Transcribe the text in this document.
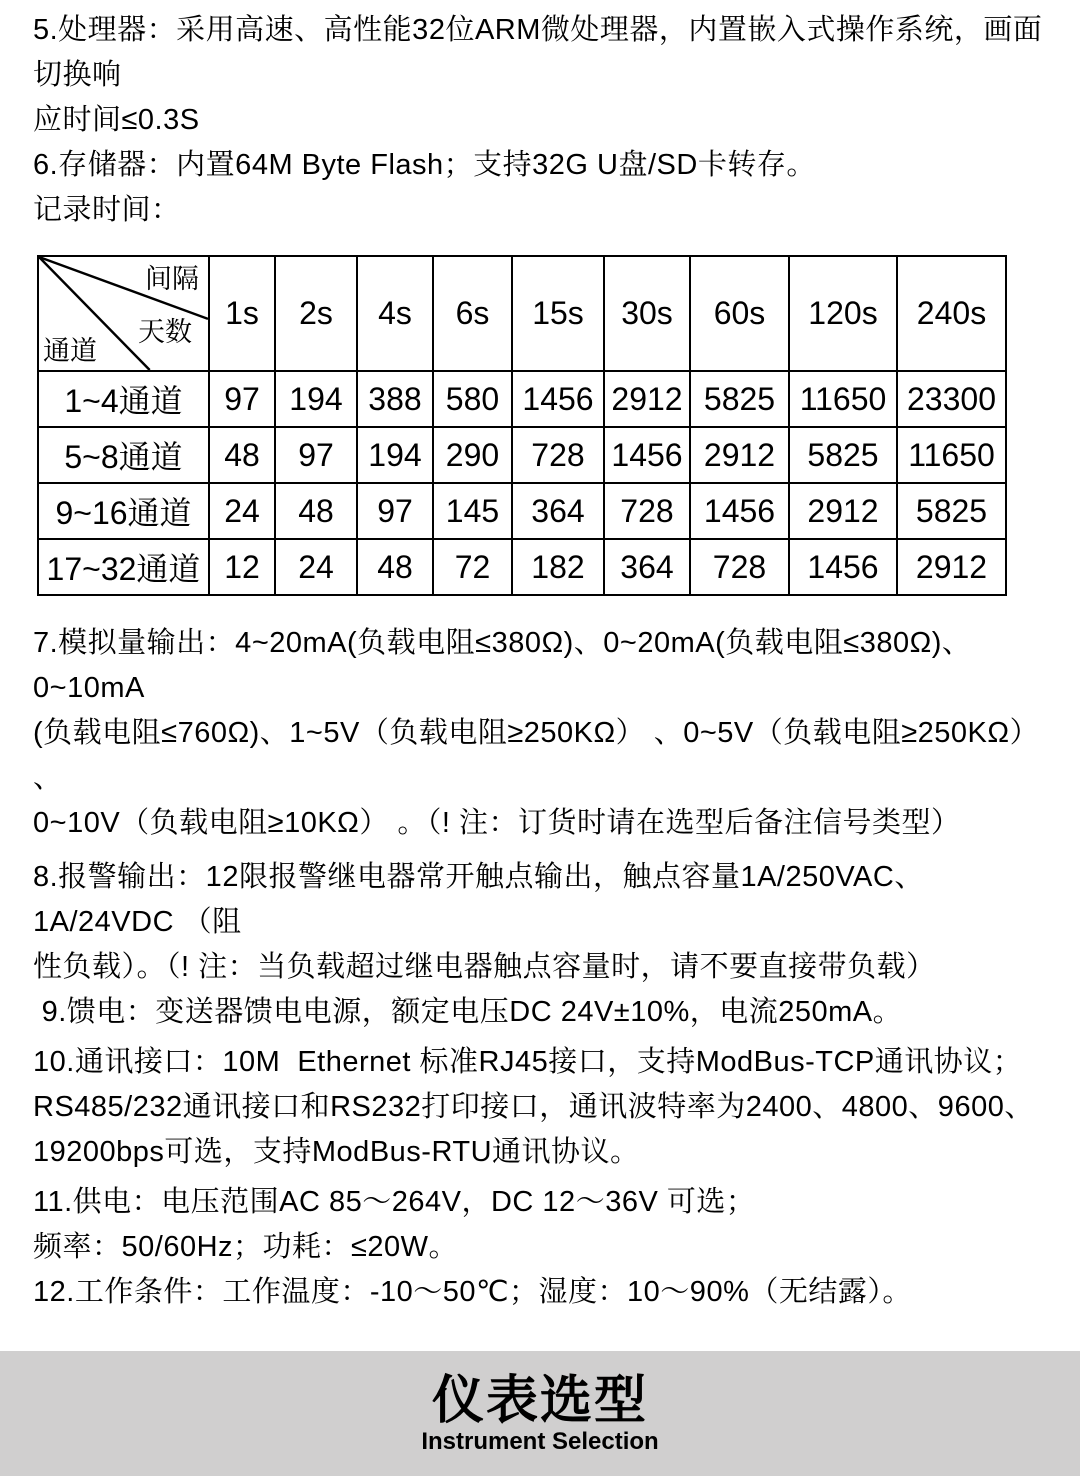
5.处理器：采用高速、高性能32位ARM微处理器，内置嵌入式操作系统，画面切换响
应时间≤0.3S
6.存储器：内置64M Byte Flash；支持32G U盘/SD卡转存。
记录时间：
间隔
天数
通道	1s	2s	4s	6s	15s	30s	60s	120s	240s
1~4通道	97	194	388	580	1456	2912	5825	11650	23300
5~8通道	48	97	194	290	728	1456	2912	5825	11650
9~16通道	24	48	97	145	364	728	1456	2912	5825
17~32通道	12	24	48	72	182	364	728	1456	2912
7.模拟量输出：4~20mA(负载电阻≤380Ω)、0~20mA(负载电阻≤380Ω)、0~10mA
(负载电阻≤760Ω)、1~5V（负载电阻≥250KΩ） 、0~5V（负载电阻≥250KΩ） 、
0~10V（负载电阻≥10KΩ） 。（! 注：订货时请在选型后备注信号类型）
8.报警输出：12限报警继电器常开触点输出，触点容量1A/250VAC、1A/24VDC （阻
性负载）。（! 注：当负载超过继电器触点容量时，请不要直接带负载）
9.馈电：变送器馈电电源，额定电压DC 24V±10%，电流250mA。
10.通讯接口：10M  Ethernet 标准RJ45接口，支持ModBus-TCP通讯协议；
RS485/232通讯接口和RS232打印接口，通讯波特率为2400、4800、9600、
19200bps可选，支持ModBus-RTU通讯协议。
11.供电：电压范围AC 85～264V，DC 12～36V 可选；
频率：50/60Hz；功耗：≤20W。
12.工作条件：工作温度：-10～50℃；湿度：10～90%（无结露）。
仪表选型
Instrument Selection
